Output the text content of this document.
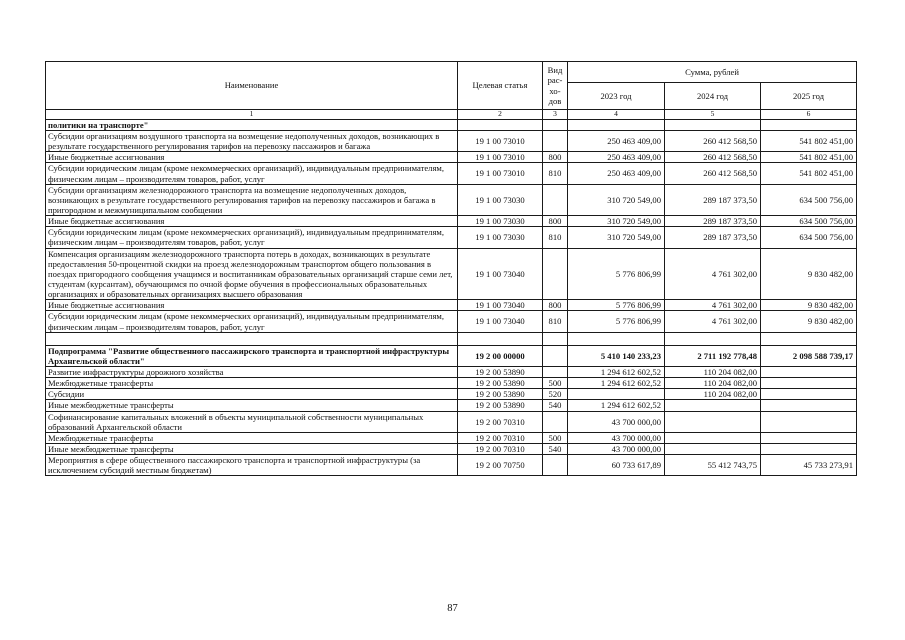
Наименование	Целевая статья	Вид рас-хо-дов	Сумма, рублей		
			2023 год	2024 год	2025 год
1	2	3	4	5	6
политики на транспорте"					
Субсидии организациям воздушного транспорта на возмещение недополученных доходов, возникающих в результате государственного регулирования тарифов на перевозку пассажиров и багажа	19 1 00 73010		250 463 409,00	260 412 568,50	541 802 451,00
Иные бюджетные ассигнования	19 1 00 73010	800	250 463 409,00	260 412 568,50	541 802 451,00
Субсидии юридическим лицам (кроме некоммерческих организаций), индивидуальным предпринимателям, физическим лицам – производителям товаров, работ, услуг	19 1 00 73010	810	250 463 409,00	260 412 568,50	541 802 451,00
Субсидии организациям железнодорожного транспорта на возмещение недополученных доходов, возникающих в результате государственного регулирования тарифов на перевозку пассажиров и багажа в пригородном и межмуниципальном сообщении	19 1 00 73030		310 720 549,00	289 187 373,50	634 500 756,00
Иные бюджетные ассигнования	19 1 00 73030	800	310 720 549,00	289 187 373,50	634 500 756,00
Субсидии юридическим лицам (кроме некоммерческих организаций), индивидуальным предпринимателям, физическим лицам – производителям товаров, работ, услуг	19 1 00 73030	810	310 720 549,00	289 187 373,50	634 500 756,00
Компенсация организациям железнодорожного транспорта потерь в доходах, возникающих в результате предоставления 50-процентной скидки на проезд железнодорожным транспортом общего пользования в поездах пригородного сообщения учащимся и воспитанникам образовательных организаций старше семи лет, студентам (курсантам), обучающимся по очной форме обучения в профессиональных образовательных организациях и образовательных организациях высшего образования	19 1 00 73040		5 776 806,99	4 761 302,00	9 830 482,00
Иные бюджетные ассигнования	19 1 00 73040	800	5 776 806,99	4 761 302,00	9 830 482,00
Субсидии юридическим лицам (кроме некоммерческих организаций), индивидуальным предпринимателям, физическим лицам – производителям товаров, работ, услуг	19 1 00 73040	810	5 776 806,99	4 761 302,00	9 830 482,00

Подпрограмма "Развитие общественного пассажирского транспорта и транспортной инфраструктуры Архангельской области"	19 2 00 00000		5 410 140 233,23	2 711 192 778,48	2 098 588 739,17
Развитие инфраструктуры дорожного хозяйства	19 2 00 53890		1 294 612 602,52	110 204 082,00	
Межбюджетные трансферты	19 2 00 53890	500	1 294 612 602,52	110 204 082,00	
Субсидии	19 2 00 53890	520		110 204 082,00	
Иные межбюджетные трансферты	19 2 00 53890	540	1 294 612 602,52		
Софинансирование капитальных вложений в объекты муниципальной собственности муниципальных образований Архангельской области	19 2 00 70310		43 700 000,00		
Межбюджетные трансферты	19 2 00 70310	500	43 700 000,00		
Иные межбюджетные трансферты	19 2 00 70310	540	43 700 000,00		
Мероприятия в сфере общественного пассажирского транспорта и транспортной инфраструктуры (за исключением субсидий местным бюджетам)	19 2 00 70750		60 733 617,89	55 412 743,75	45 733 273,91
87
